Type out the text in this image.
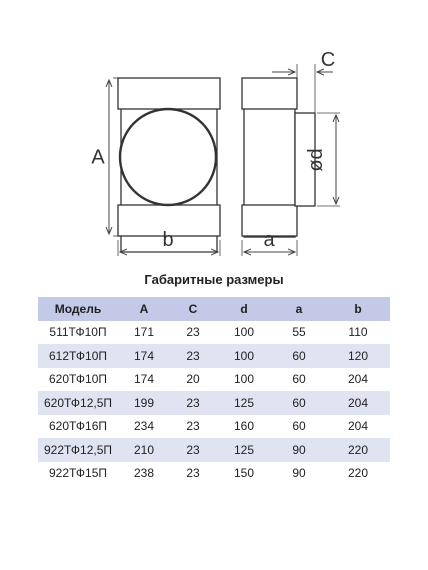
A
b
C
ød
a
Габаритные размеры
Модель	A	C	d	a	b
511ТФ10П	171	23	100	55	110
612ТФ10П	174	23	100	60	120
620ТФ10П	174	20	100	60	204
620ТФ12,5П	199	23	125	60	204
620ТФ16П	234	23	160	60	204
922ТФ12,5П	210	23	125	90	220
922ТФ15П	238	23	150	90	220
